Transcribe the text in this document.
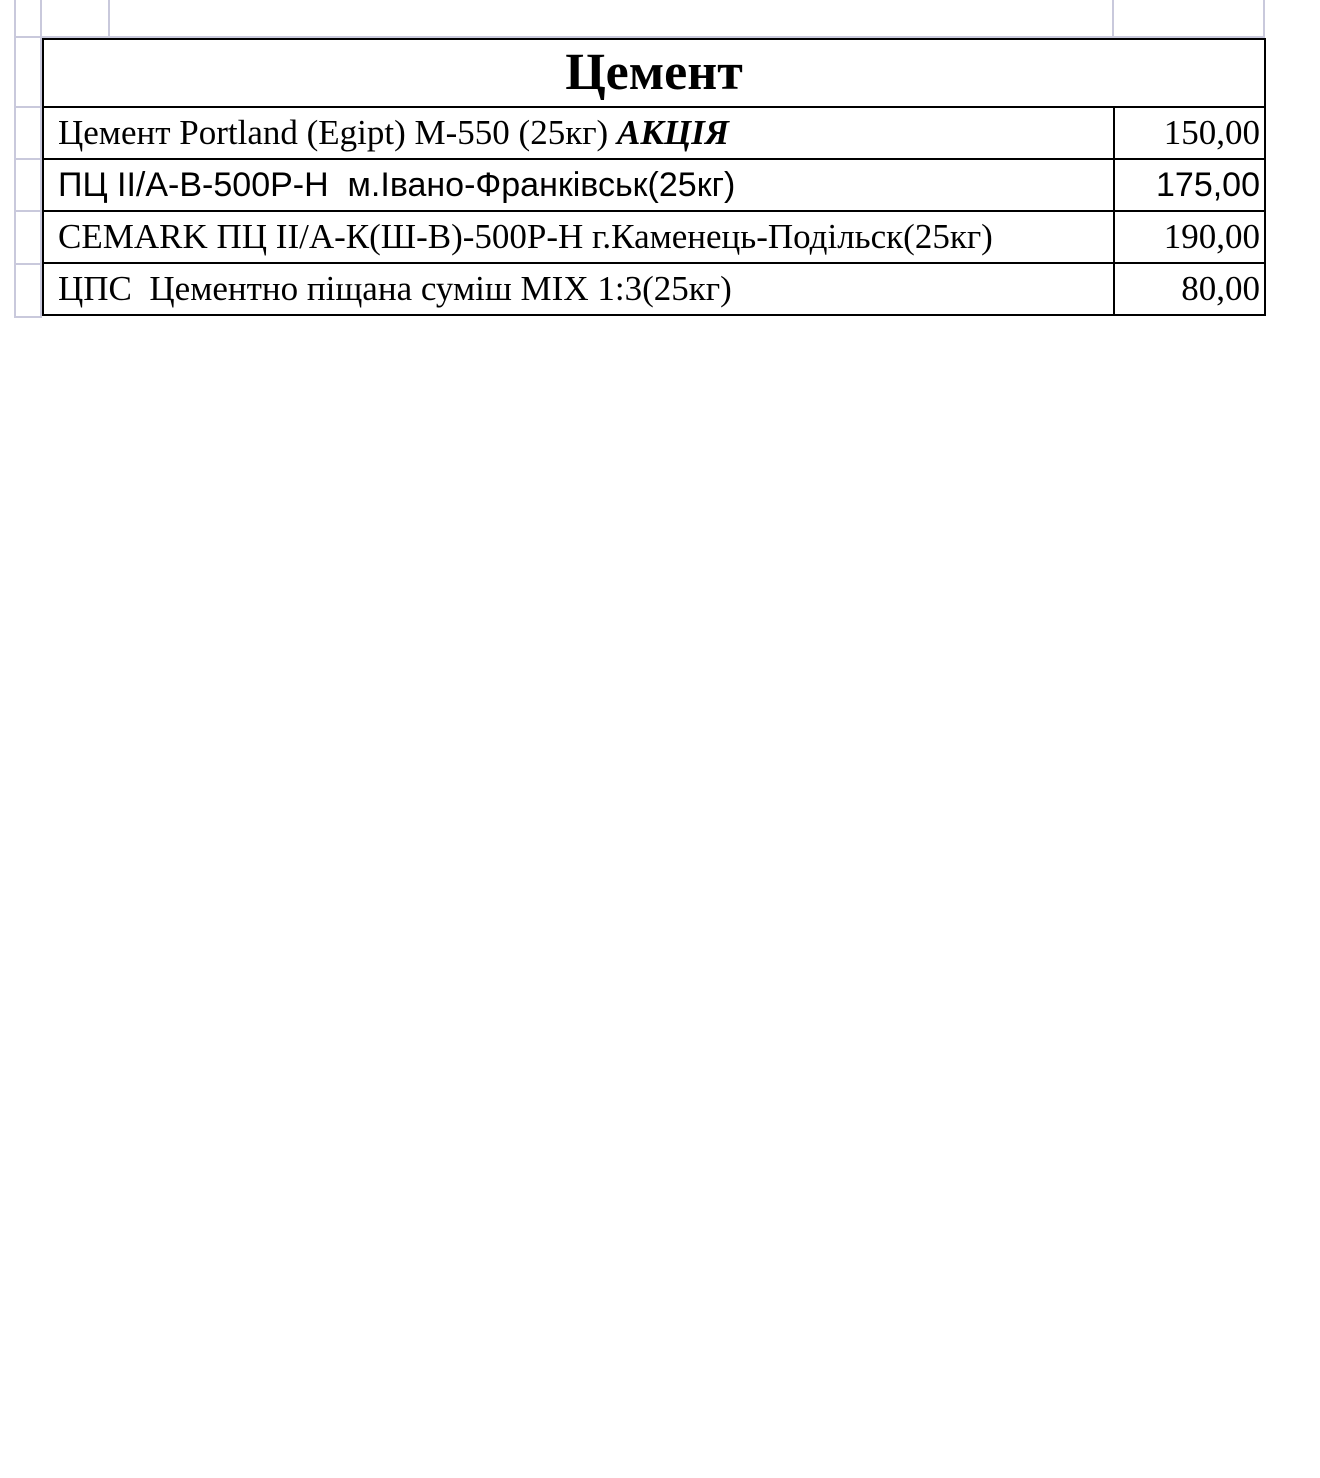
Цемент	
Цемент Portland (Egipt) М-550 (25кг) АКЦІЯ	150,00
ПЦ II/А-В-500Р-Н  м.Івано-Франківськ(25кг)	175,00
CEMARK ПЦ II/А-К(Ш-В)-500Р-Н г.Каменець-Подільск(25кг)	190,00
ЦПС  Цементно піщана суміш МIX 1:3(25кг)	80,00
